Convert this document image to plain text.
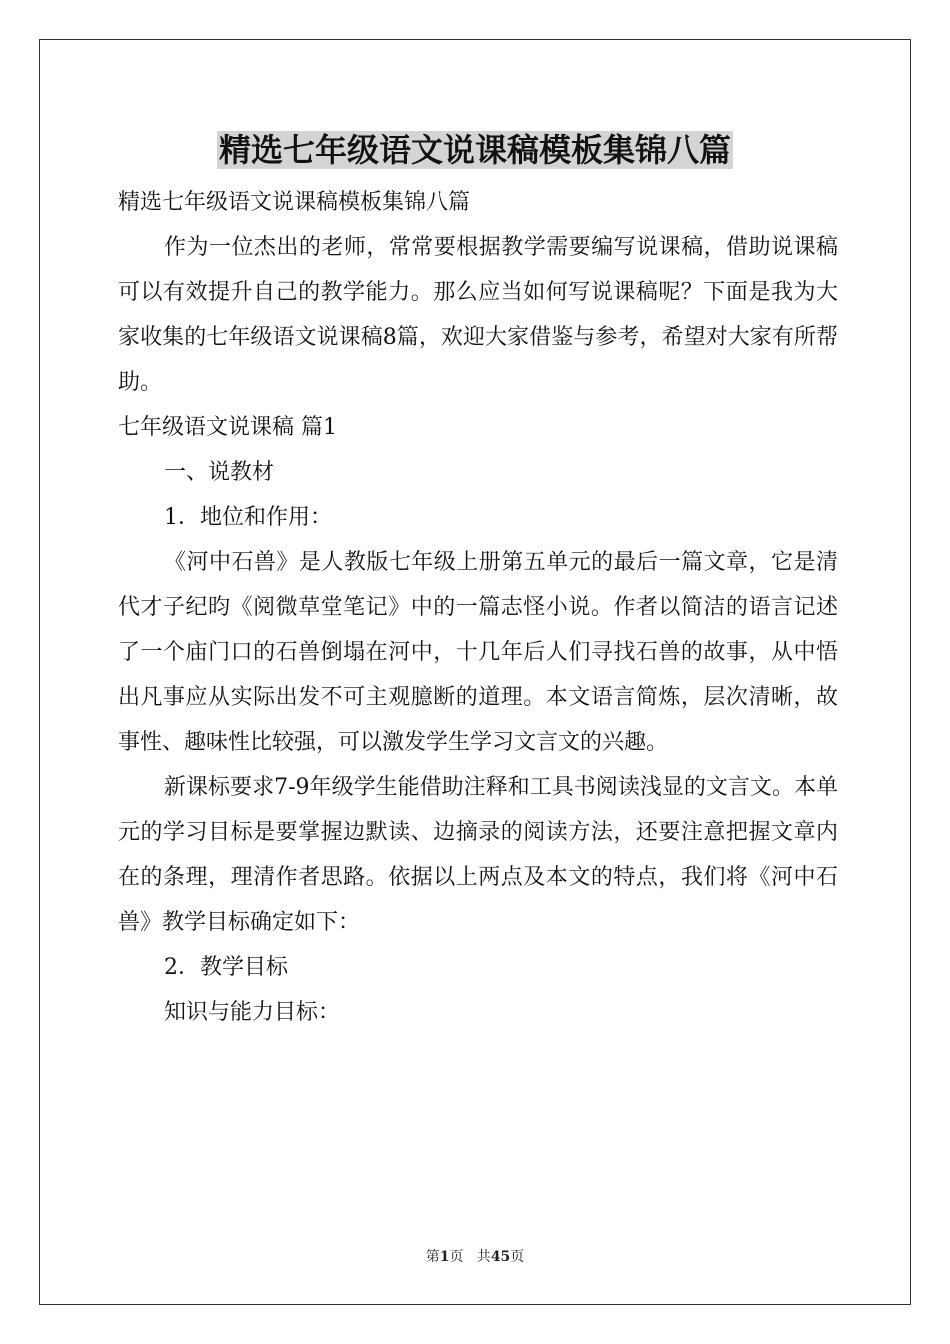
精选七年级语文说课稿模板集锦八篇

精选七年级语文说课稿模板集锦八篇

作为一位杰出的老师，常常要根据教学需要编写说课稿，借助说课稿可以有效提升自己的教学能力。那么应当如何写说课稿呢？下面是我为大家收集的七年级语文说课稿8篇，欢迎大家借鉴与参考，希望对大家有所帮助。

七年级语文说课稿 篇1

一、说教材

1．地位和作用：

《河中石兽》是人教版七年级上册第五单元的最后一篇文章，它是清代才子纪昀《阅微草堂笔记》中的一篇志怪小说。作者以简洁的语言记述了一个庙门口的石兽倒塌在河中，十几年后人们寻找石兽的故事，从中悟出凡事应从实际出发不可主观臆断的道理。本文语言简炼，层次清晰，故事性、趣味性比较强，可以激发学生学习文言文的兴趣。

新课标要求7-9年级学生能借助注释和工具书阅读浅显的文言文。本单元的学习目标是要掌握边默读、边摘录的阅读方法，还要注意把握文章内在的条理，理清作者思路。依据以上两点及本文的特点，我们将《河中石兽》教学目标确定如下：

2．教学目标

知识与能力目标：

第1页   共45页
